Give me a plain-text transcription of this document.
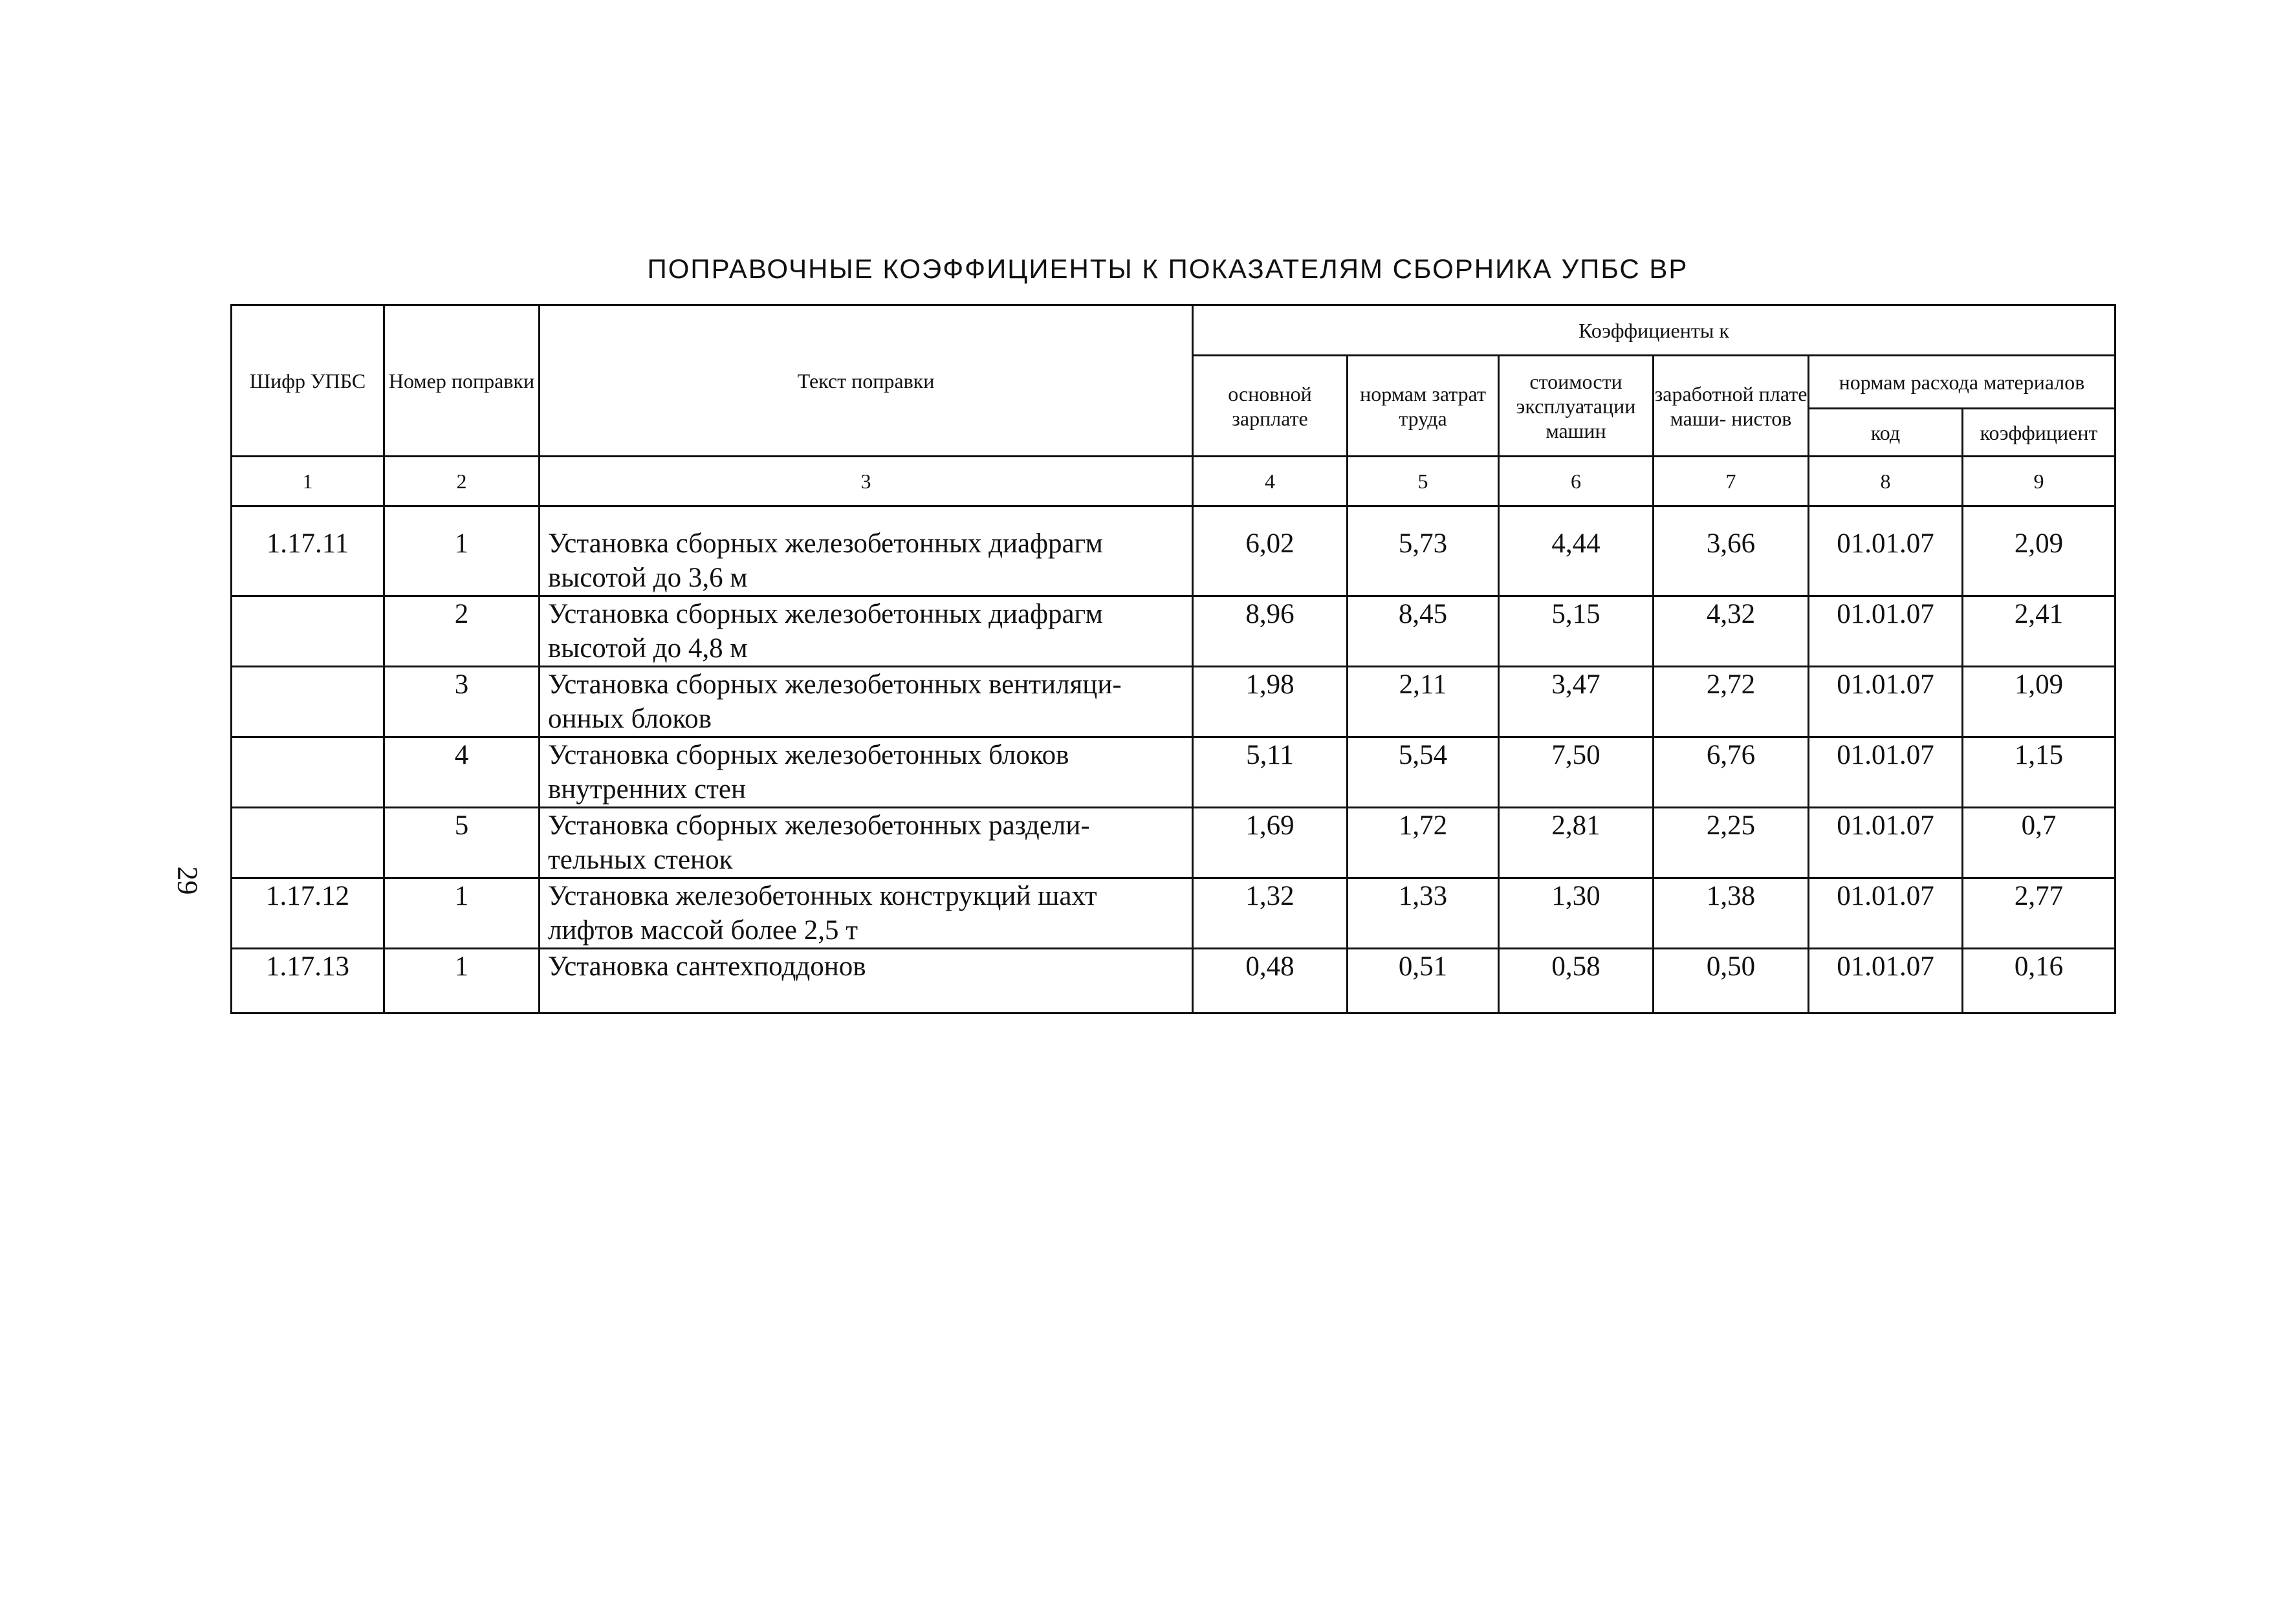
ПОПРАВОЧНЫЕ КОЭФФИЦИЕНТЫ К ПОКАЗАТЕЛЯМ СБОРНИКА УПБС ВР
29
Шифр УПБС	Номер поправки	Текст поправки	Коэффициенты к					
			основной зарплате	нормам затрат труда	стоимости эксплуатации машин	заработной плате маши- нистов	нормам расхода материалов	
							код	коэффициент
1	2	3	4	5	6	7	8	9
1.17.11	1	Установка сборных железобетонных диафрагм высотой до 3,6 м	6,02	5,73	4,44	3,66	01.01.07	2,09
	2	Установка сборных железобетонных диафрагм высотой до 4,8 м	8,96	8,45	5,15	4,32	01.01.07	2,41
	3	Установка сборных железобетонных вентиляци- онных блоков	1,98	2,11	3,47	2,72	01.01.07	1,09
	4	Установка сборных железобетонных блоков внутренних стен	5,11	5,54	7,50	6,76	01.01.07	1,15
	5	Установка сборных железобетонных раздели- тельных стенок	1,69	1,72	2,81	2,25	01.01.07	0,7
1.17.12	1	Установка железобетонных конструкций шахт лифтов массой более 2,5 т	1,32	1,33	1,30	1,38	01.01.07	2,77
1.17.13	1	Установка сантехподдонов	0,48	0,51	0,58	0,50	01.01.07	0,16
